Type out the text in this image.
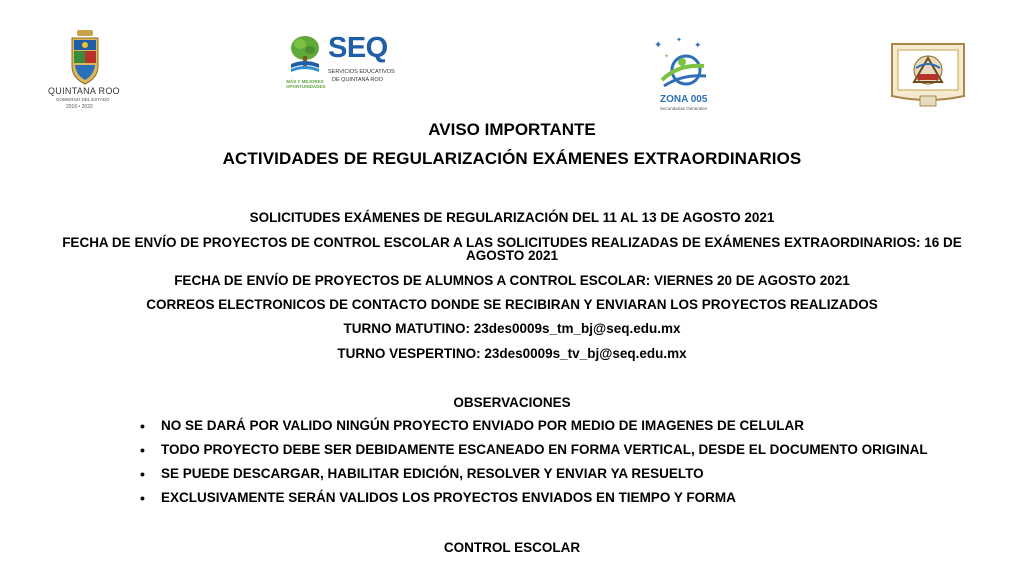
QUINTANA ROO
GOBIERNO DEL ESTADO
2016 • 2022
SEQ
MÁS Y MEJORES OPORTUNIDADES
SERVICIOS EDUCATIVOS
DE QUINTANA ROO
✦ ✦
✦
✦
ZONA 005
Secundarias Generales
AVISO IMPORTANTE
ACTIVIDADES DE REGULARIZACIÓN EXÁMENES EXTRAORDINARIOS
SOLICITUDES EXÁMENES DE REGULARIZACIÓN DEL 11 AL 13 DE AGOSTO 2021
FECHA DE ENVÍO DE PROYECTOS DE CONTROL ESCOLAR A LAS SOLICITUDES REALIZADAS DE EXÁMENES EXTRAORDINARIOS: 16 DE
AGOSTO 2021
FECHA DE ENVÍO DE PROYECTOS DE ALUMNOS A CONTROL ESCOLAR: VIERNES 20 DE AGOSTO 2021
CORREOS ELECTRONICOS DE CONTACTO DONDE SE RECIBIRAN Y ENVIARAN LOS PROYECTOS REALIZADOS
TURNO MATUTINO: 23des0009s_tm_bj@seq.edu.mx
TURNO VESPERTINO: 23des0009s_tv_bj@seq.edu.mx
OBSERVACIONES
• NO SE DARÁ POR VALIDO NINGÚN PROYECTO ENVIADO POR MEDIO DE IMAGENES DE CELULAR
• TODO PROYECTO DEBE SER DEBIDAMENTE ESCANEADO EN FORMA VERTICAL, DESDE EL DOCUMENTO ORIGINAL
• SE PUEDE DESCARGAR, HABILITAR EDICIÓN, RESOLVER Y ENVIAR YA RESUELTO
• EXCLUSIVAMENTE SERÁN VALIDOS LOS PROYECTOS ENVIADOS EN TIEMPO Y FORMA
CONTROL ESCOLAR
